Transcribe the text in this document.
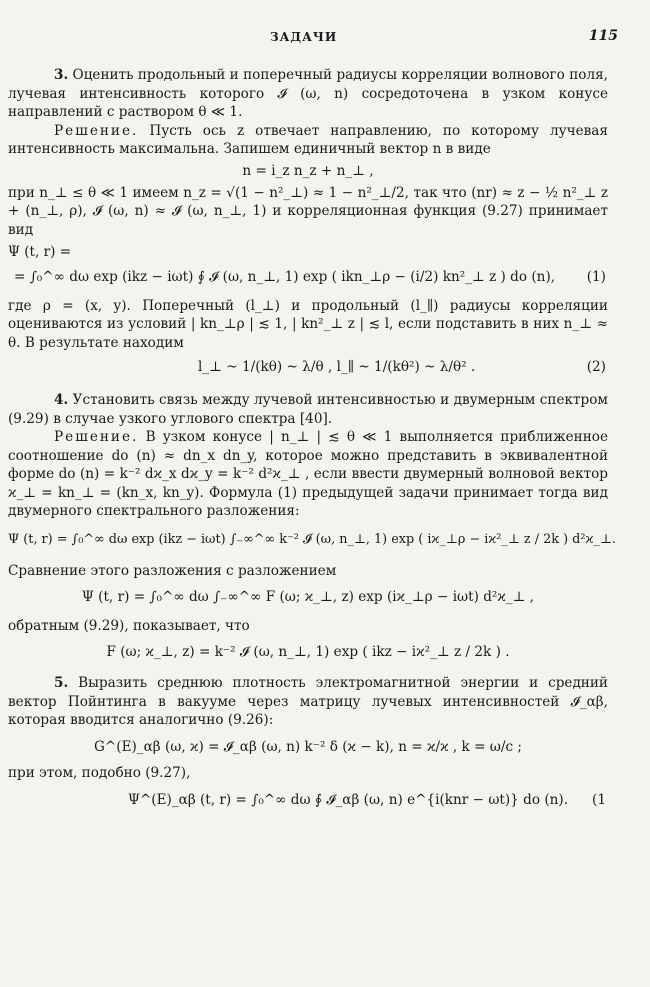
ЗАДАЧИ	115

3. Оценить продольный и поперечный радиусы корреляции волнового поля, лучевая интенсивность которого 𝓘 (ω, n) сосредоточена в узком конусе направлений с раствором θ ≪ 1.

Решение. Пусть ось z отвечает направлению, по которому лучевая интенсивность максимальна. Запишем единичный вектор n в виде

n = i_z n_z + n_⊥ ,

при n_⊥ ≤ θ ≪ 1 имеем n_z = √(1 − n²_⊥) ≈ 1 − n²_⊥/2, так что (nr) ≈ z − ½ n²_⊥ z + (n_⊥, ρ), 𝓘 (ω, n) ≈ 𝓘 (ω, n_⊥, 1) и корреляционная функция (9.27) принимает вид

Ψ (t, r) =

= ∫₀^∞ dω exp (ikz − iωt) ∮ 𝓘 (ω, n_⊥, 1) exp ( ikn_⊥ρ − (i/2) kn²_⊥ z ) do (n), (1)

где ρ = (x, y). Поперечный (l_⊥) и продольный (l_∥) радиусы корреляции оцениваются из условий | kn_⊥ρ | ≲ 1, | kn²_⊥ z | ≲ l, если подставить в них n_⊥ ≈ θ. В результате находим

l_⊥ ~ 1/(kθ) ~ λ/θ , l_∥ ~ 1/(kθ²) ~ λ/θ² .	(2)

4. Установить связь между лучевой интенсивностью и двумерным спектром (9.29) в случае узкого углового спектра [40].

Решение. В узком конусе | n_⊥ | ≲ θ ≪ 1 выполняется приближенное соотношение do (n) ≈ dn_x dn_y, которое можно представить в эквивалентной форме do (n) = k⁻² dϰ_x dϰ_y = k⁻² d²ϰ_⊥ , если ввести двумерный волновой вектор ϰ_⊥ = kn_⊥ = (kn_x, kn_y). Формула (1) предыдущей задачи принимает тогда вид двумерного спектрального разложения:

Ψ (t, r) = ∫₀^∞ dω exp (ikz − iωt) ∫₋∞^∞ k⁻² 𝓘 (ω, n_⊥, 1) exp ( iϰ_⊥ρ − iϰ²_⊥ z / 2k ) d²ϰ_⊥.

Сравнение этого разложения с разложением

Ψ (t, r) = ∫₀^∞ dω ∫₋∞^∞ F (ω; ϰ_⊥, z) exp (iϰ_⊥ρ − iωt) d²ϰ_⊥ ,

обратным (9.29), показывает, что

F (ω; ϰ_⊥, z) = k⁻² 𝓘 (ω, n_⊥, 1) exp ( ikz − iϰ²_⊥ z / 2k ) .

5. Выразить среднюю плотность электромагнитной энергии и средний вектор Пойнтинга в вакууме через матрицу лучевых интенсивностей 𝓘_αβ, которая вводится аналогично (9.26):

G^(E)_αβ (ω, ϰ) = 𝓘_αβ (ω, n) k⁻² δ (ϰ − k), n = ϰ/ϰ , k = ω/c ;

при этом, подобно (9.27),

Ψ^(E)_αβ (t, r) = ∫₀^∞ dω ∮ 𝓘_αβ (ω, n) e^{i(knr − ωt)} do (n). (1
